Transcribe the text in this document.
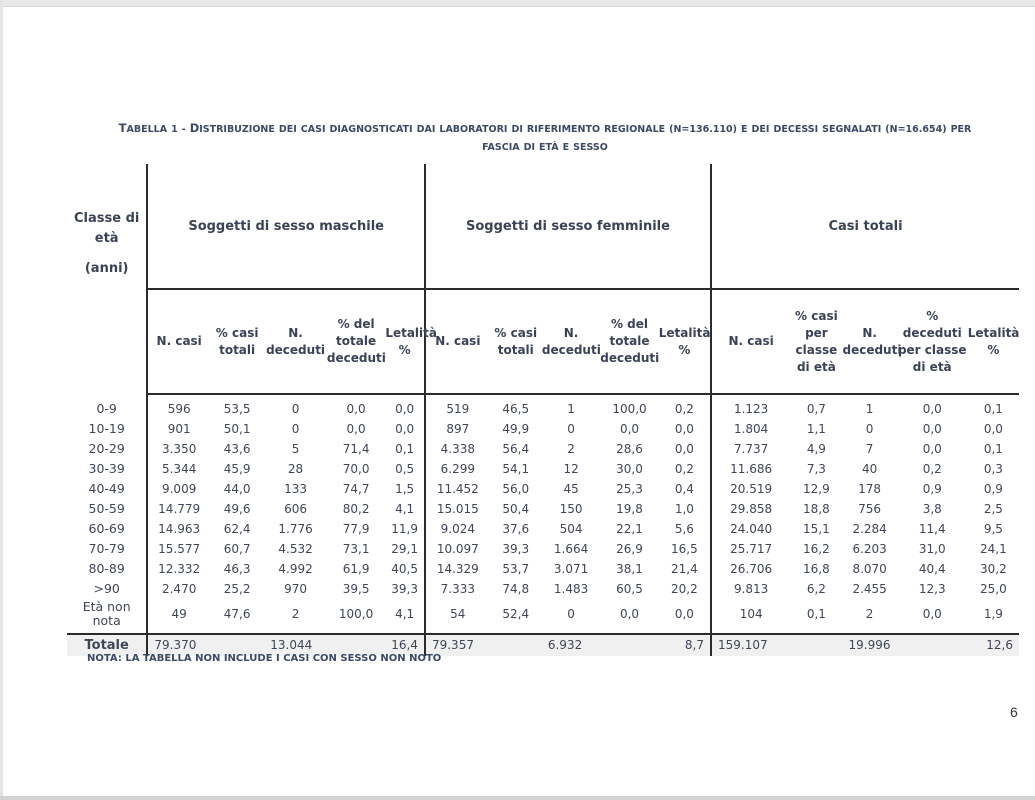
TABELLA 1 - DISTRIBUZIONE DEI CASI DIAGNOSTICATI DAI LABORATORI DI RIFERIMENTO REGIONALE (N=136.110) E DEI DECESSI SEGNALATI (N=16.654) PER
FASCIA DI ETÀ E SESSO
Classe di
età
(anni)	Soggetti di sesso maschile					Soggetti di sesso femminile					Casi totali				
	N. casi	% casi totali	N. deceduti	% del totale deceduti	Letalità %	N. casi	% casi totali	N. deceduti	% del totale deceduti	Letalità %	N. casi	% casi per classe di età	N. deceduti	% deceduti per classe di età	Letalità %
0-9	596	53,5	0	0,0	0,0	519	46,5	1	100,0	0,2	1.123	0,7	1	0,0	0,1
10-19	901	50,1	0	0,0	0,0	897	49,9	0	0,0	0,0	1.804	1,1	0	0,0	0,0
20-29	3.350	43,6	5	71,4	0,1	4.338	56,4	2	28,6	0,0	7.737	4,9	7	0,0	0,1
30-39	5.344	45,9	28	70,0	0,5	6.299	54,1	12	30,0	0,2	11.686	7,3	40	0,2	0,3
40-49	9.009	44,0	133	74,7	1,5	11.452	56,0	45	25,3	0,4	20.519	12,9	178	0,9	0,9
50-59	14.779	49,6	606	80,2	4,1	15.015	50,4	150	19,8	1,0	29.858	18,8	756	3,8	2,5
60-69	14.963	62,4	1.776	77,9	11,9	9.024	37,6	504	22,1	5,6	24.040	15,1	2.284	11,4	9,5
70-79	15.577	60,7	4.532	73,1	29,1	10.097	39,3	1.664	26,9	16,5	25.717	16,2	6.203	31,0	24,1
80-89	12.332	46,3	4.992	61,9	40,5	14.329	53,7	3.071	38,1	21,4	26.706	16,8	8.070	40,4	30,2
>90	2.470	25,2	970	39,5	39,3	7.333	74,8	1.483	60,5	20,2	9.813	6,2	2.455	12,3	25,0
Età non nota	49	47,6	2	100,0	4,1	54	52,4	0	0,0	0,0	104	0,1	2	0,0	1,9
Totale	79.370		13.044		16,4	79.357		6.932		8,7	159.107		19.996		12,6
NOTA: LA TABELLA NON INCLUDE I CASI CON SESSO NON NOTO
6
